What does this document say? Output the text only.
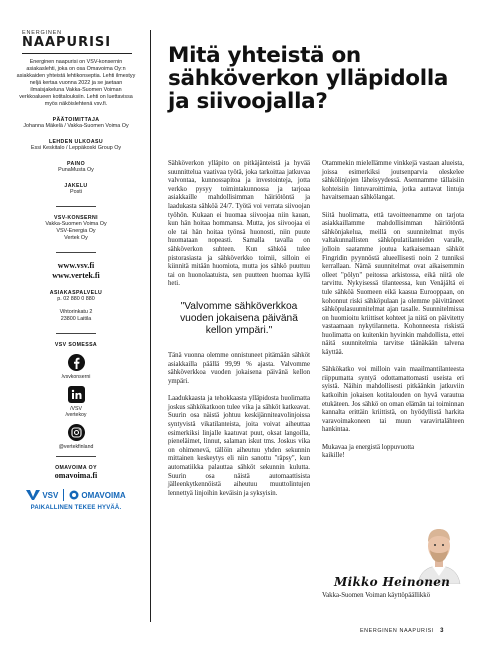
ENERGINEN
NAAPURISI

Energinen naapurisi on VSV-konsernin asiakaslehti, joka on osa Omavoima Oy:n asiakkaiden yhteistä lehtikonseptia. Lehti ilmestyy neljä kertaa vuonna 2022 ja se jaetaan ilmaisjakeluna Vakka-Suomen Voiman verkkoalueen kotitalouksiin. Lehti on luettavissa myös näköislehtenä vsv.fi.

PÄÄTOIMITTAJA
Johanna Mäkelä / Vakka-Suomen Voima Oy
LEHDEN ULKOASU
Essi Keskitalo / Leppäkoski Group Oy
PAINO
PunaMusta Oy
JAKELU
Posti
VSV-KONSERNI
Vakka-Suomen Voima Oy
VSV-Energia Oy
Vertek Oy
www.vsv.fi
www.vertek.fi
ASIAKASPALVELU
p. 02 880 0 880
Vihtorinkatu 2
23800 Laitila
VSV SOMESSA
/vsvkonserni
/VSV
/vertekoy
@vertekfinland
OMAVOIMA OY
omavoima.fi
VSV	OMAVOIMA
PAIKALLINEN TEKEE HYVÄÄ.
Mitä yhteistä on sähköverkon ylläpidolla ja siivoojalla?

Sähköverkon ylläpito on pitkäjänteistä ja hyvää suunnittelua vaativaa työtä, joka tarkoittaa jatkuvaa valvontaa, kunnossapitoa ja investointeja, jotta verkko pysyy toimintakunnossa ja tarjoaa asiakkaille mahdollisimman häiriötöntä ja laadukasta sähköä 24/7. Työtä voi verrata siivoojan työhön. Kukaan ei huomaa siivoojaa niin kauan, kun hän hoitaa hommansa. Mutta, jos siivoojaa ei ole tai hän hoitaa työnsä huonosti, niin puute huomataan nopeasti. Samalla tavalla on sähköverkon suhteen. Kun sähköä tulee pistorasiasta ja sähköverkko toimii, silloin ei kiinnitä mitään huomiota, mutta jos sähkö puuttuu tai on huonolaatuista, sen puutteen huomaa kyllä heti.

"Valvomme sähköverkkoa vuoden jokaisena päivänä kellon ympäri."

Tänä vuonna olemme onnistuneet pitämään sähköt asiakkailla päällä 99,99 % ajasta. Valvomme sähköverkkoa vuoden jokaisena päivänä kellon ympäri.

Laadukkaasta ja tehokkaasta ylläpidosta huolimatta joskus sähkökatkoon tulee vika ja sähköt katkeavat. Suurin osa näistä johtuu keskijänniteavolinjoissa syntyvistä vikatilanteista, joita voivat aiheuttaa esimerkiksi linjalle kaatuvat puut, oksat langoilla, pieneläimet, linnut, salaman iskut tms. Joskus vika on ohimenevä, tällöin aiheutuu yhden sekunnin mittainen keskeytys eli niin sanottu "räpsy", kun automatiikka palauttaa sähköt sekunnin kulutta. Suurin osa näistä automaattisista jälleenkytkennöistä aiheutuu muuttolintujen lennettyä linjoihin keväisin ja syksyisin.

Otammekin mielellämme vinkkejä vastaan alueista, joissa esimerkiksi joutsenparvia oleskelee sähkölinjojen läheisyydessä. Asennamme tällaisiin kohteisiin lintuvaroittimia, jotka auttavat lintuja havaitsemaan sähkölangat.

Siitä huolimatta, että tavoitteenamme on tarjota asiakkaillamme mahdollisimman häiriötöntä sähkönjakelua, meillä on suunnitelmat myös valtakunnallisten sähköpulatilanteiden varalle, jolloin saatamme joutua katkaisemaan sähköt Fingridin pyynnöstä alueellisesti noin 2 tunniksi kerrallaan. Nämä suunnitelmat ovat aikaisemmin olleet "pölyn" peitossa arkistossa, eikä niitä ole tarvittu. Nykyisessä tilanteessa, kun Venäjältä ei tule sähköä Suomeen eikä kaasua Eurooppaan, on kohonnut riski sähköpulaan ja olemme päivittäneet sähköpulasuunnitelmat ajan tasalle. Suunnitelmissa on huomioitu kriittiset kohteet ja niitä on päivitetty vastaamaan nykytilannetta. Kohonneesta riskistä huolimatta on kuitenkin hyvinkin mahdollista, ettei näitä suunnitelmia tarvitse täänäkään talvena käyttää.

Sähkökatko voi milloin vain maailmantilanteesta riippumatta syntyä odottamattomasti useista eri syistä. Näihin mahdollisesti pitkäänkin jatkuviin katkoihin jokaisen kotitalouden on hyvä varautua etukäteen. Jos sähkö on oman elämän tai toiminnan kannalta erittäin kriittistä, on hyödyllistä harkita varavoimakoneen tai muun varavirtalähteen hankintaa.

Mukavaa ja energistä loppuvuotta kaikille!

Mikko Heinonen
Vakka-Suomen Voiman käyttöpäällikkö
ENERGINEN NAAPURISI 3
